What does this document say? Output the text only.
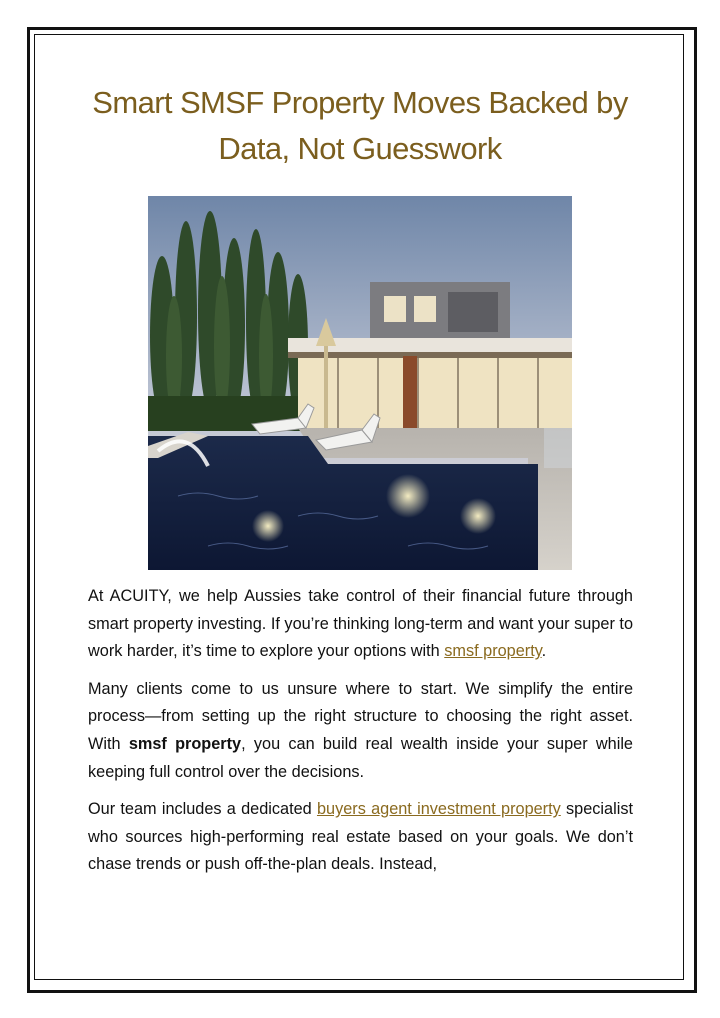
Smart SMSF Property Moves Backed by
Data, Not Guesswork

At ACUITY, we help Aussies take control of their financial future through smart property investing. If you’re thinking long-term and want your super to work harder, it’s time to explore your options with smsf property.

Many clients come to us unsure where to start. We simplify the entire process—from setting up the right structure to choosing the right asset. With smsf property, you can build real wealth inside your super while keeping full control over the decisions.

Our team includes a dedicated buyers agent investment property specialist who sources high-performing real estate based on your goals. We don’t chase trends or push off-the-plan deals. Instead,
